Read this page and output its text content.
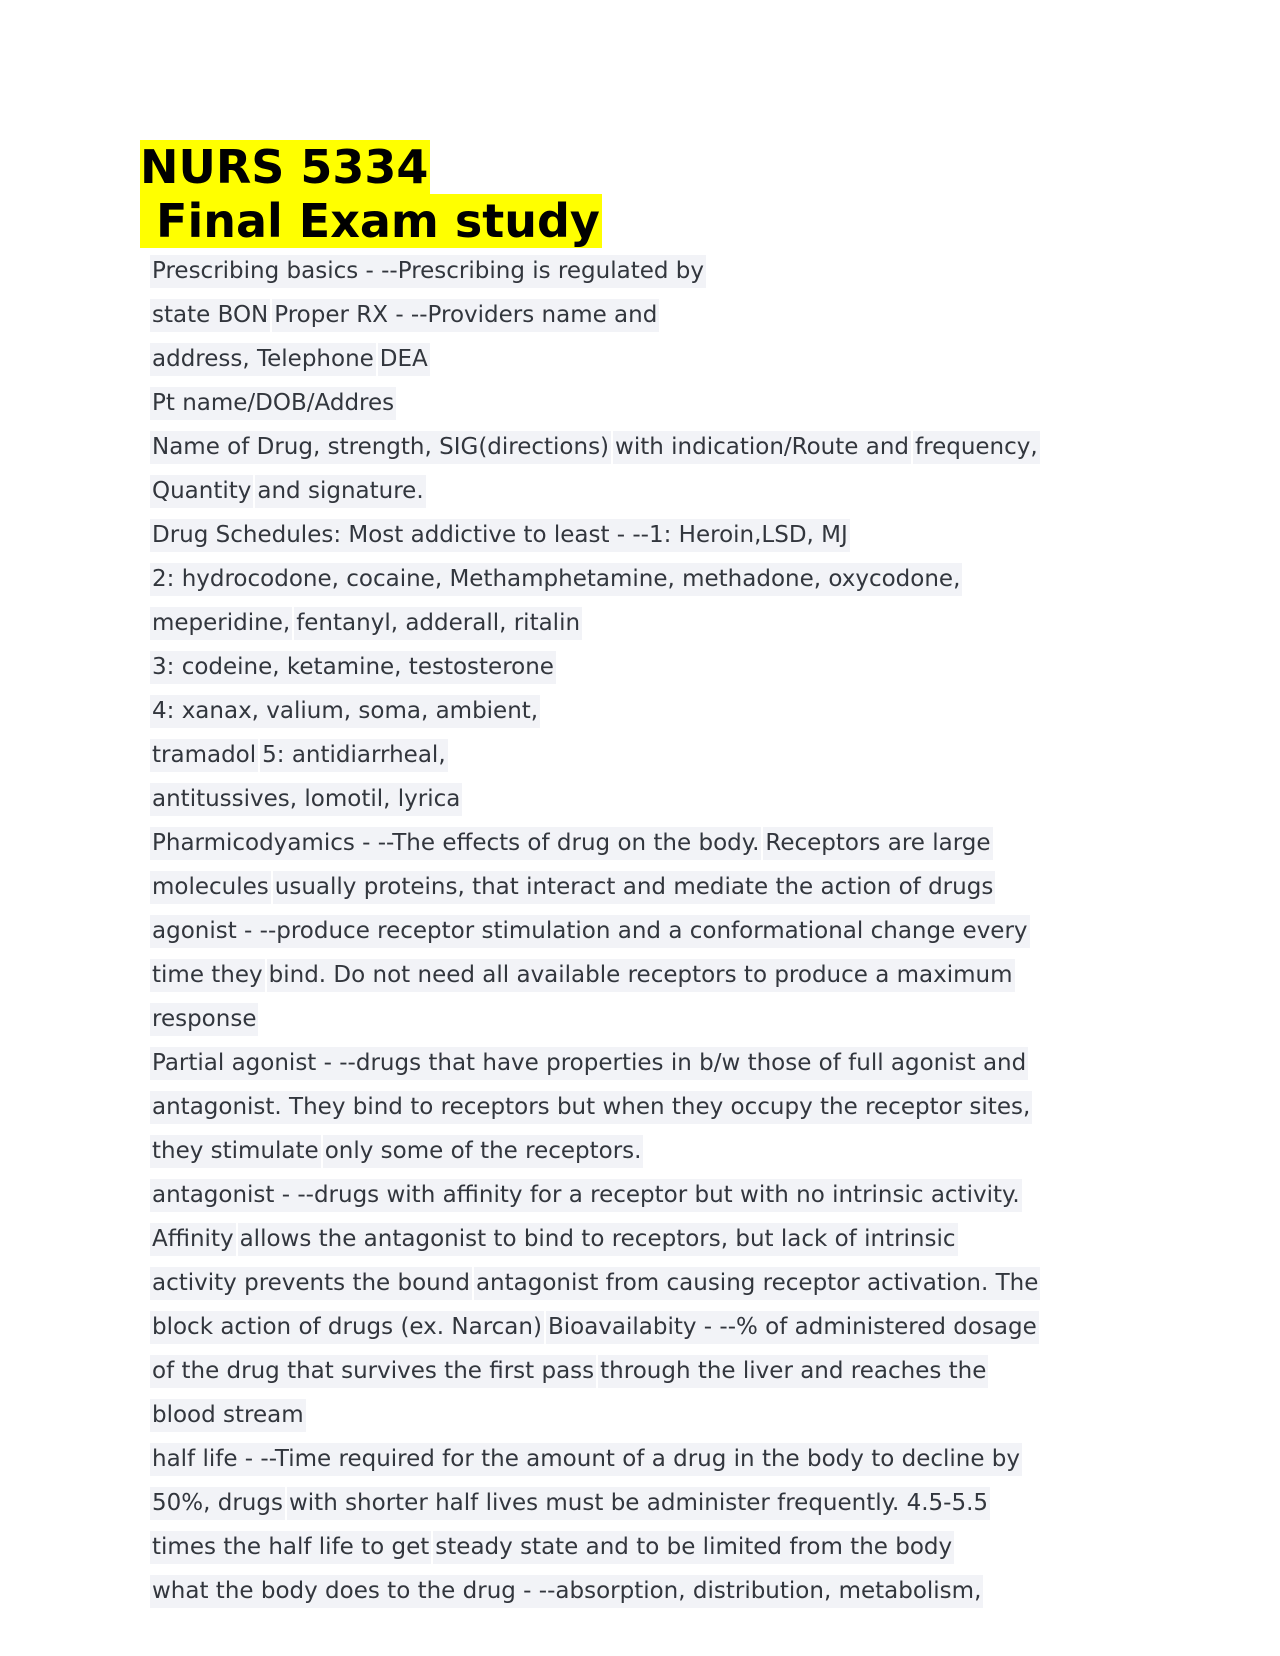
NURS 5334
Final Exam study
Prescribing basics - --Prescribing is regulated by
state BON Proper RX - --Providers name and
address, Telephone DEA
Pt name/DOB/Addres
Name of Drug, strength, SIG(directions) with indication/Route and frequency,
Quantity and signature.
Drug Schedules: Most addictive to least - --1: Heroin,LSD, MJ
2: hydrocodone, cocaine, Methamphetamine, methadone, oxycodone,
meperidine, fentanyl, adderall, ritalin
3: codeine, ketamine, testosterone
4: xanax, valium, soma, ambient,
tramadol 5: antidiarrheal,
antitussives, lomotil, lyrica
Pharmicodyamics - --The effects of drug on the body. Receptors are large
molecules usually proteins, that interact and mediate the action of drugs
agonist - --produce receptor stimulation and a conformational change every
time they bind. Do not need all available receptors to produce a maximum
response
Partial agonist - --drugs that have properties in b/w those of full agonist and
antagonist. They bind to receptors but when they occupy the receptor sites,
they stimulate only some of the receptors.
antagonist - --drugs with affinity for a receptor but with no intrinsic activity.
Affinity allows the antagonist to bind to receptors, but lack of intrinsic
activity prevents the bound antagonist from causing receptor activation. The
block action of drugs (ex. Narcan) Bioavailabity - --% of administered dosage
of the drug that survives the first pass through the liver and reaches the
blood stream
half life - --Time required for the amount of a drug in the body to decline by
50%, drugs with shorter half lives must be administer frequently. 4.5-5.5
times the half life to get steady state and to be limited from the body
what the body does to the drug - --absorption, distribution, metabolism,
